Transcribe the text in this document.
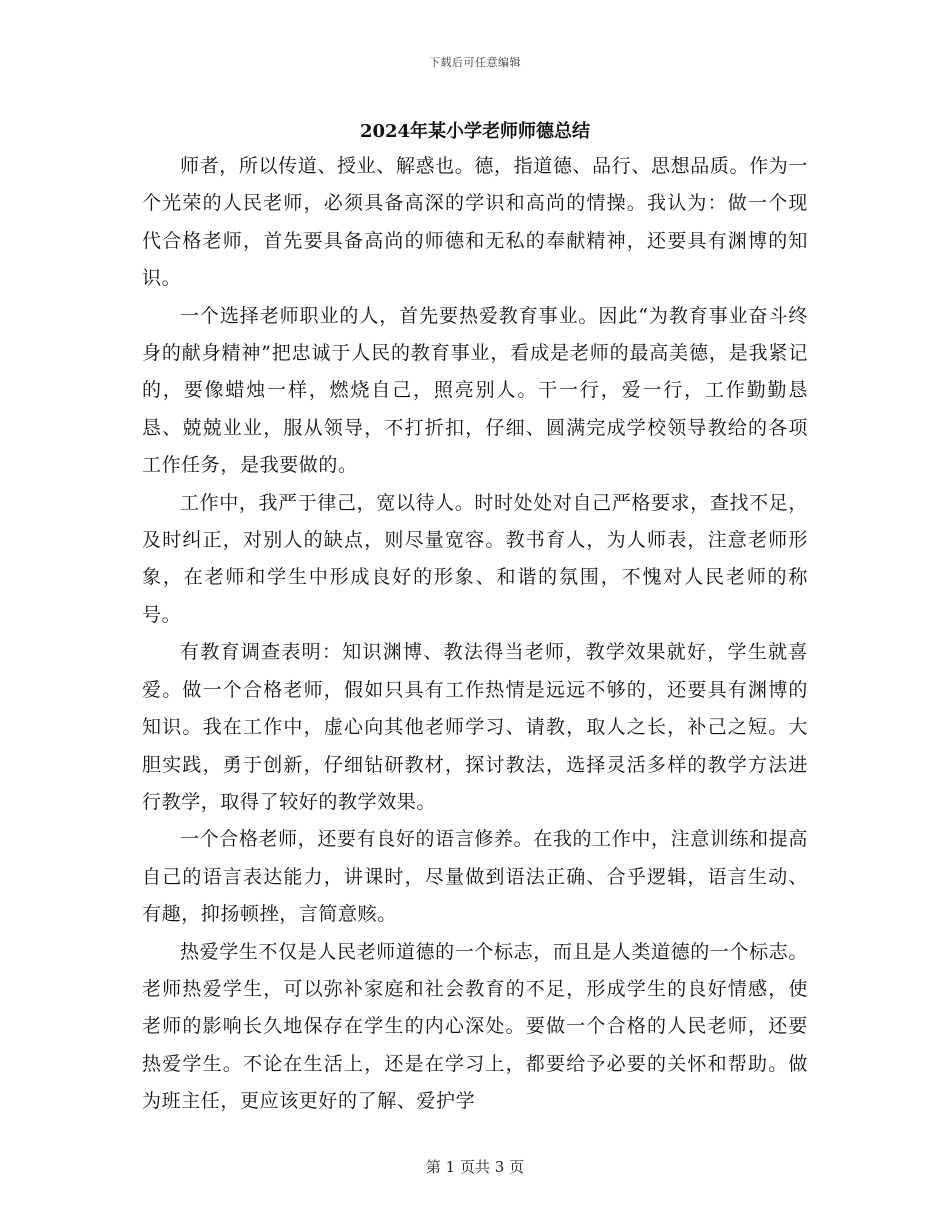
下载后可任意编辑
2024年某小学老师师德总结

师者，所以传道、授业、解惑也。德，指道德、品行、思想品质。作为一个光荣的人民老师，必须具备高深的学识和高尚的情操。我认为：做一个现代合格老师，首先要具备高尚的师德和无私的奉献精神，还要具有渊博的知识。

一个选择老师职业的人，首先要热爱教育事业。因此“为教育事业奋斗终身的献身精神”把忠诚于人民的教育事业，看成是老师的最高美德，是我紧记的，要像蜡烛一样，燃烧自己，照亮别人。干一行，爱一行，工作勤勤恳恳、兢兢业业，服从领导，不打折扣，仔细、圆满完成学校领导教给的各项工作任务，是我要做的。

工作中，我严于律己，宽以待人。时时处处对自己严格要求，查找不足，及时纠正，对别人的缺点，则尽量宽容。教书育人，为人师表，注意老师形象，在老师和学生中形成良好的形象、和谐的氛围，不愧对人民老师的称号。

有教育调查表明：知识渊博、教法得当老师，教学效果就好，学生就喜爱。做一个合格老师，假如只具有工作热情是远远不够的，还要具有渊博的知识。我在工作中，虚心向其他老师学习、请教，取人之长，补己之短。大胆实践，勇于创新，仔细钻研教材，探讨教法，选择灵活多样的教学方法进行教学，取得了较好的教学效果。

一个合格老师，还要有良好的语言修养。在我的工作中，注意训练和提高自己的语言表达能力，讲课时，尽量做到语法正确、合乎逻辑，语言生动、有趣，抑扬顿挫，言简意赅。

热爱学生不仅是人民老师道德的一个标志，而且是人类道德的一个标志。老师热爱学生，可以弥补家庭和社会教育的不足，形成学生的良好情感，使老师的影响长久地保存在学生的内心深处。要做一个合格的人民老师，还要热爱学生。不论在生活上，还是在学习上，都要给予必要的关怀和帮助。做为班主任，更应该更好的了解、爱护学

第 1 页共 3 页
